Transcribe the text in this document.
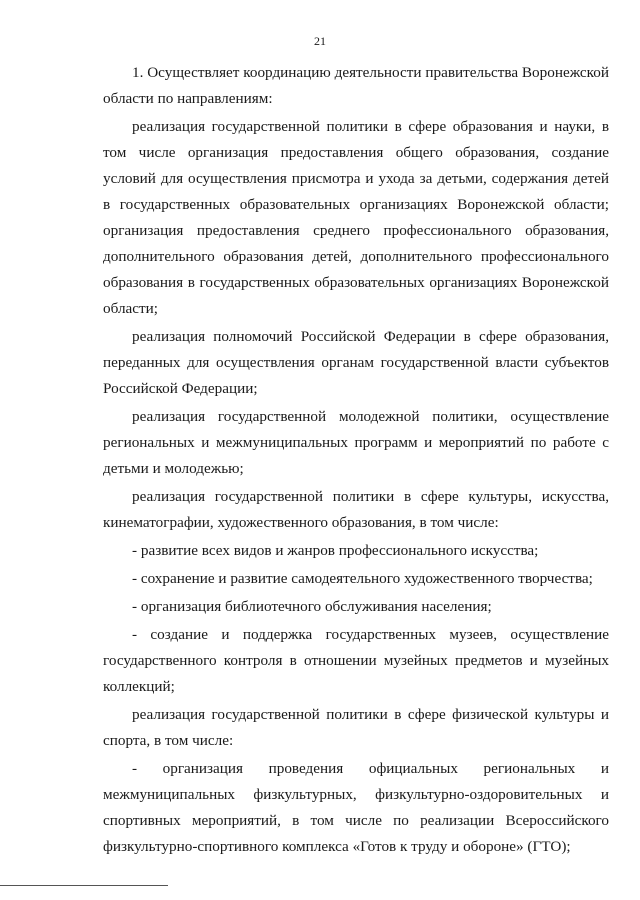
21

1. Осуществляет координацию деятельности правительства Воронежской области по направлениям:

реализация государственной политики в сфере образования и науки, в том числе организация предоставления общего образования, создание условий для осуществления присмотра и ухода за детьми, содержания детей в государственных образовательных организациях Воронежской области; организация предоставления среднего профессионального образования, дополнительного образования детей, дополнительного профессионального образования в государственных образовательных организациях Воронежской области;

реализация полномочий Российской Федерации в сфере образования, переданных для осуществления органам государственной власти субъектов Российской Федерации;

реализация государственной молодежной политики, осуществление региональных и межмуниципальных программ и мероприятий по работе с детьми и молодежью;

реализация государственной политики в сфере культуры, искусства, кинематографии, художественного образования, в том числе:

- развитие всех видов и жанров профессионального искусства;

- сохранение и развитие самодеятельного художественного творчества;

- организация библиотечного обслуживания населения;

- создание и поддержка государственных музеев, осуществление государственного контроля в отношении музейных предметов и музейных коллекций;

реализация государственной политики в сфере физической культуры и спорта, в том числе:

- организация проведения официальных региональных и межмуниципальных физкультурных, физкультурно-оздоровительных и спортивных мероприятий, в том числе по реализации Всероссийского физкультурно-спортивного комплекса «Готов к труду и обороне» (ГТО);
